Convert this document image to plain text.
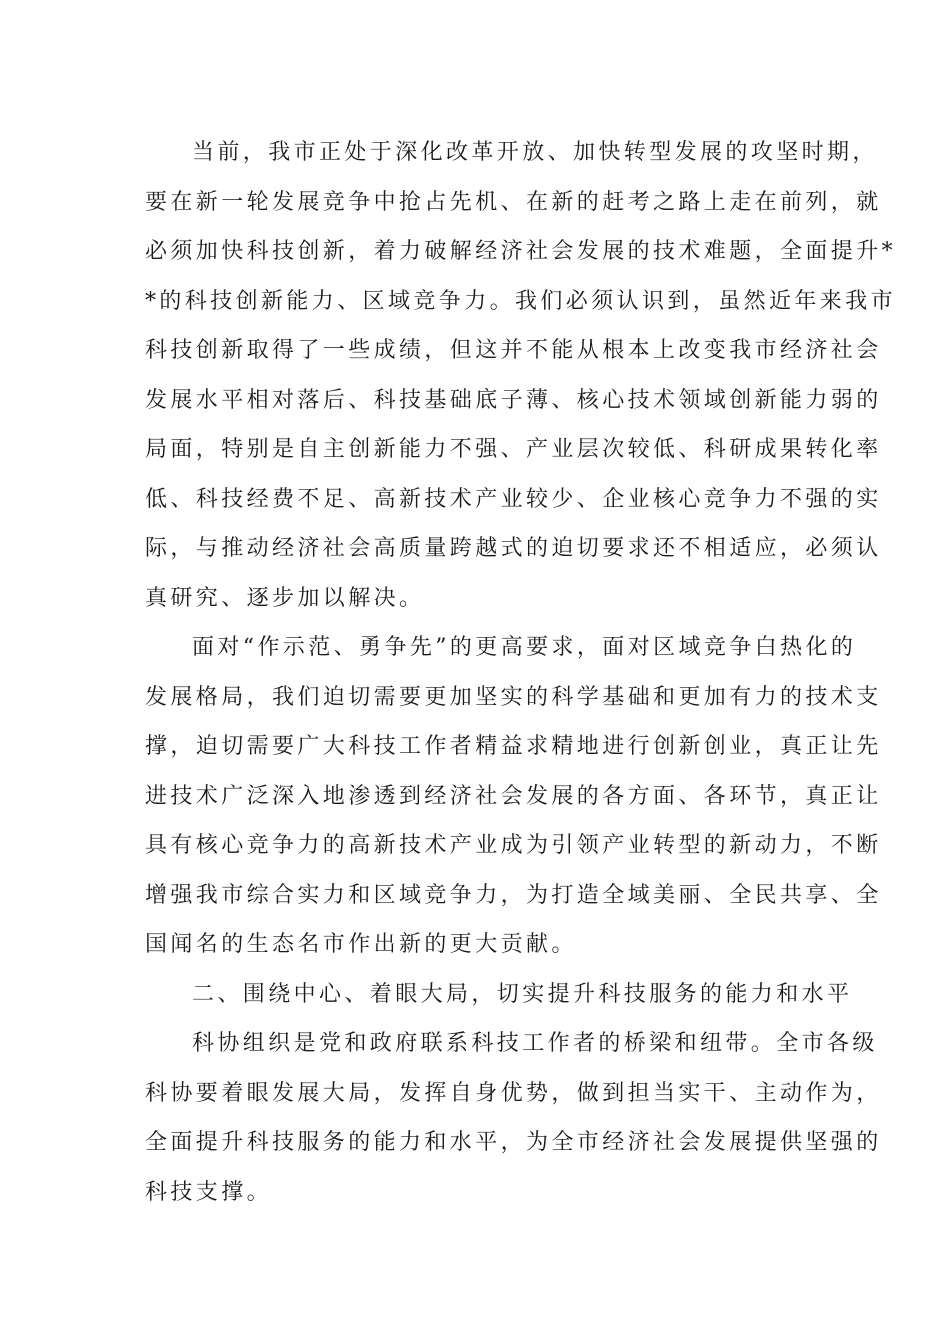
当前，我市正处于深化改革开放、加快转型发展的攻坚时期，
要在新一轮发展竞争中抢占先机、在新的赶考之路上走在前列，就
必须加快科技创新，着力破解经济社会发展的技术难题，全面提升*
*的科技创新能力、区域竞争力。我们必须认识到，虽然近年来我市
科技创新取得了一些成绩，但这并不能从根本上改变我市经济社会
发展水平相对落后、科技基础底子薄、核心技术领域创新能力弱的
局面，特别是自主创新能力不强、产业层次较低、科研成果转化率
低、科技经费不足、高新技术产业较少、企业核心竞争力不强的实
际，与推动经济社会高质量跨越式的迫切要求还不相适应，必须认
真研究、逐步加以解决。

面对“作示范、勇争先”的更高要求，面对区域竞争白热化的
发展格局，我们迫切需要更加坚实的科学基础和更加有力的技术支
撑，迫切需要广大科技工作者精益求精地进行创新创业，真正让先
进技术广泛深入地渗透到经济社会发展的各方面、各环节，真正让
具有核心竞争力的高新技术产业成为引领产业转型的新动力，不断
增强我市综合实力和区域竞争力，为打造全域美丽、全民共享、全
国闻名的生态名市作出新的更大贡献。

二、围绕中心、着眼大局，切实提升科技服务的能力和水平

科协组织是党和政府联系科技工作者的桥梁和纽带。全市各级
科协要着眼发展大局，发挥自身优势，做到担当实干、主动作为，
全面提升科技服务的能力和水平，为全市经济社会发展提供坚强的
科技支撑。
